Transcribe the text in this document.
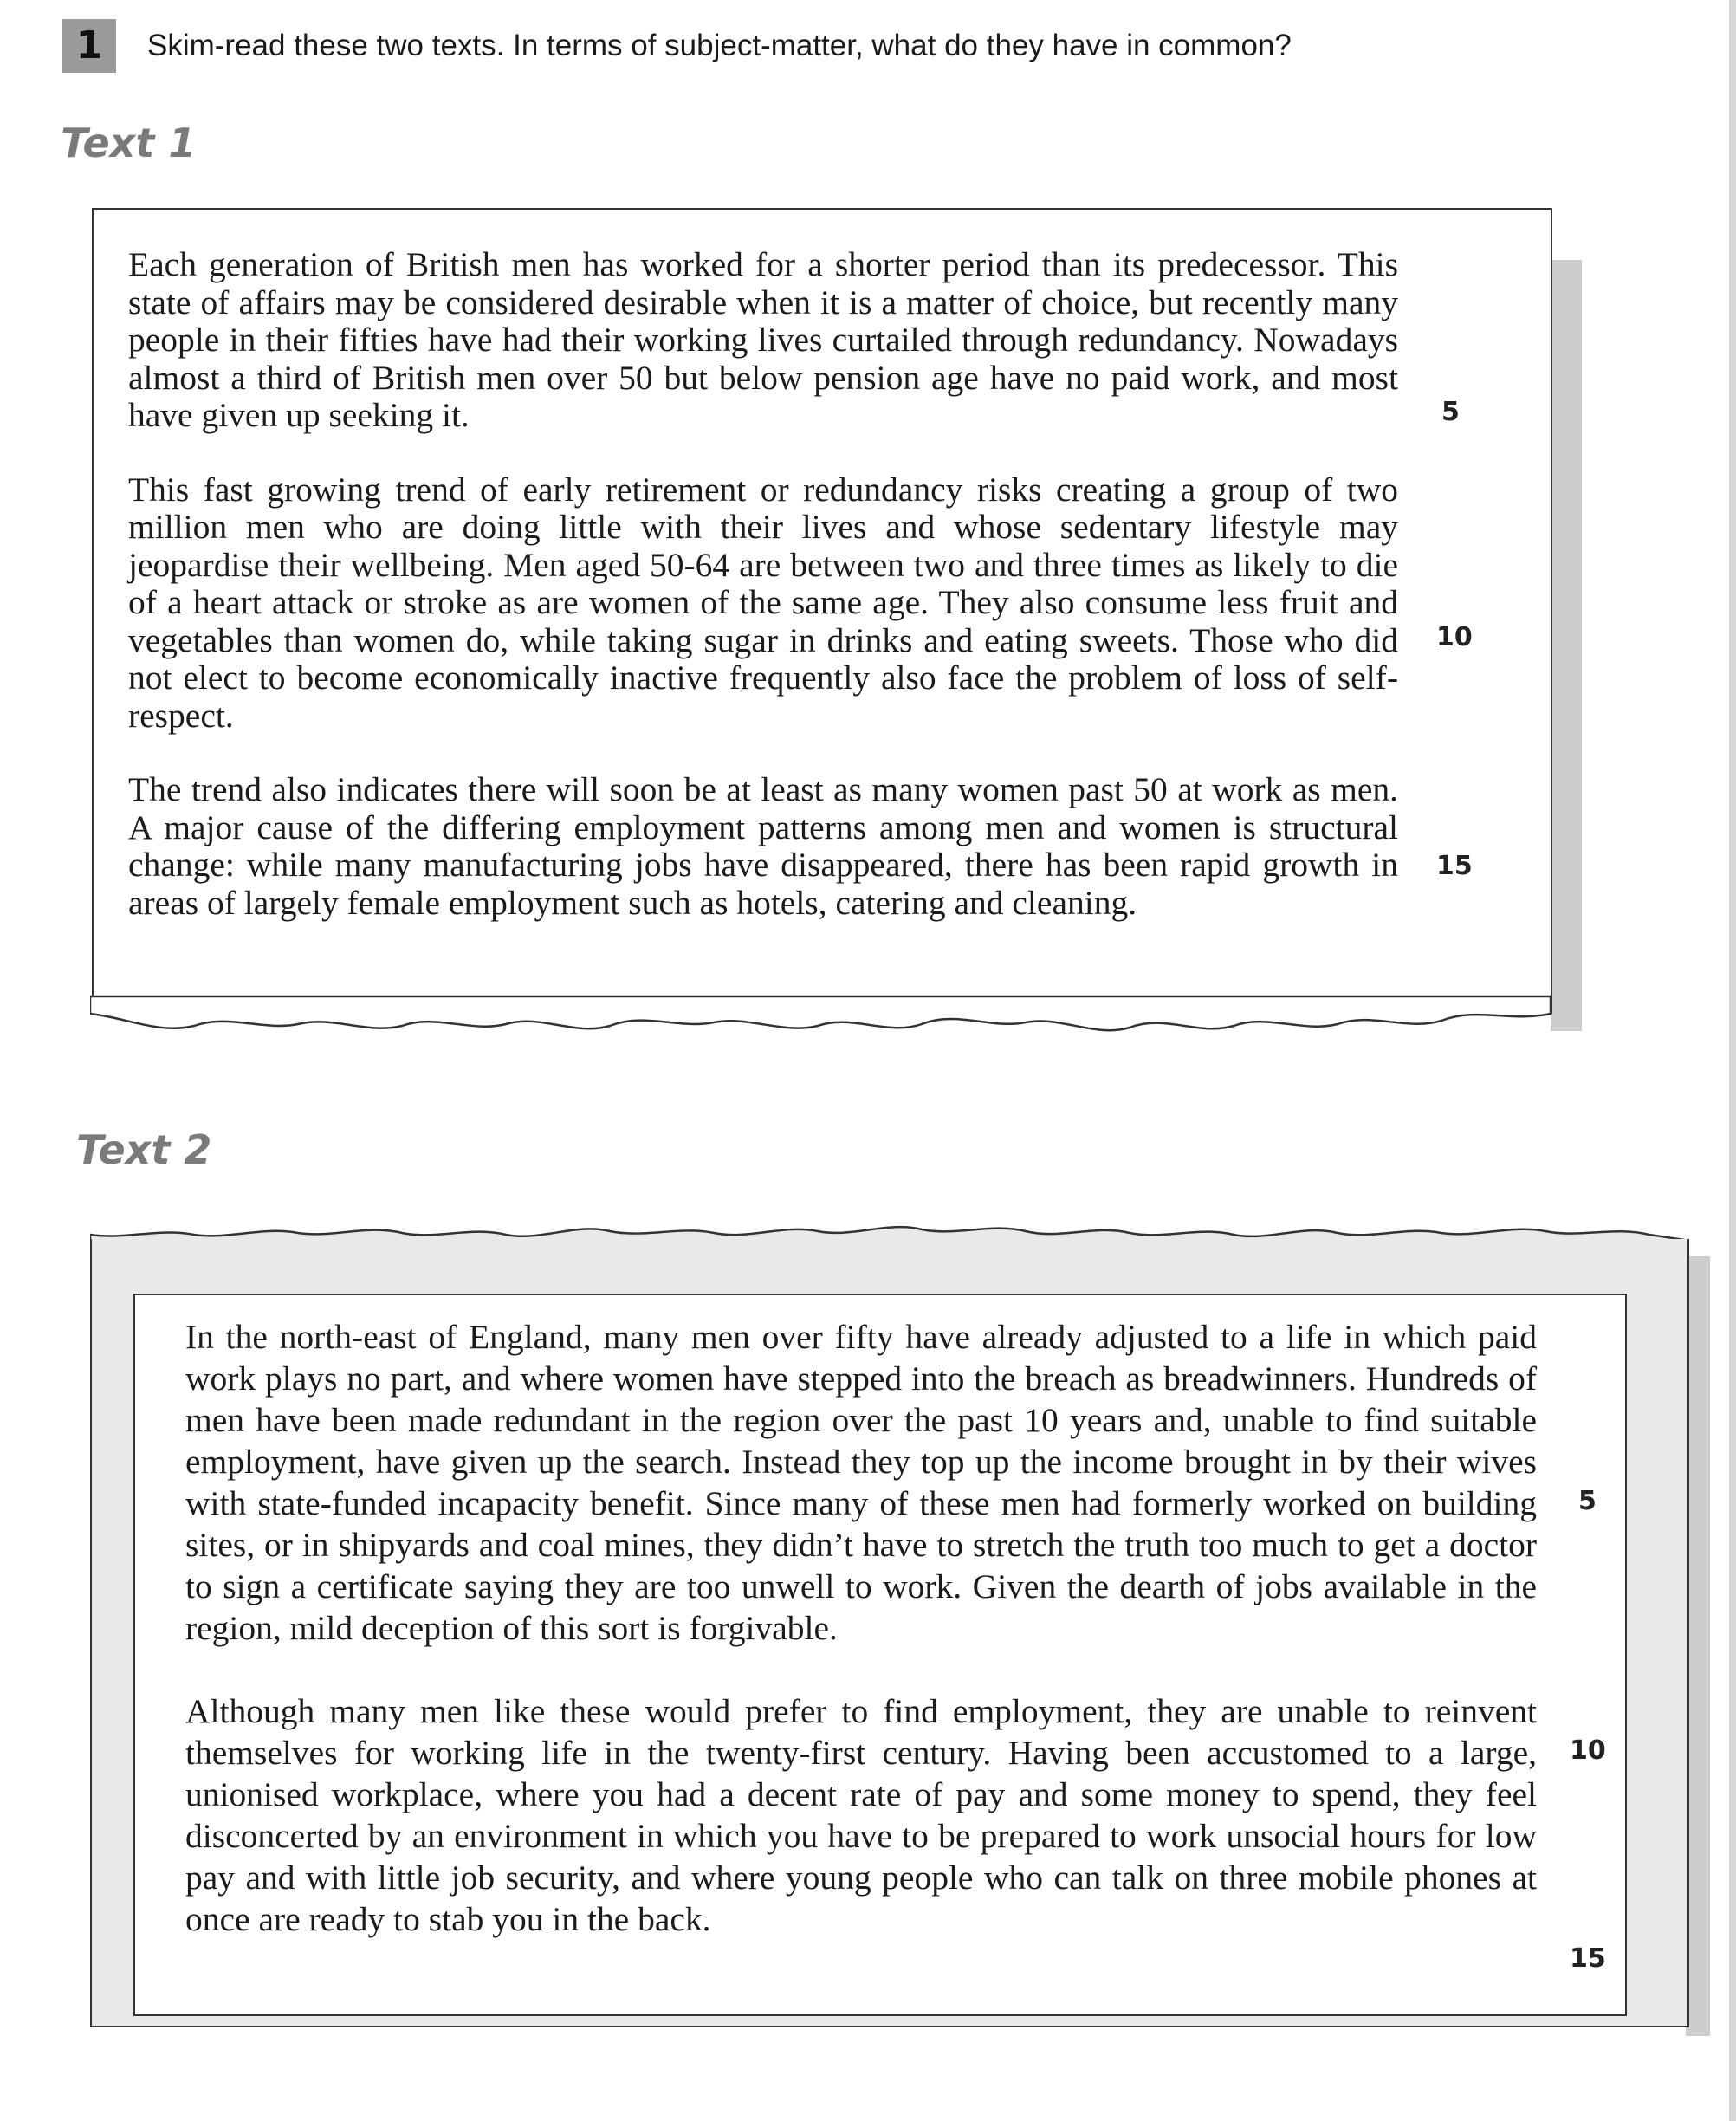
1	Skim-read these two texts. In terms of subject-matter, what do they have in common?
Text 1

Each generation of British men has worked for a shorter period than its predecessor. This state of affairs may be considered desirable when it is a matter of choice, but recently many people in their fifties have had their working lives curtailed through redundancy. Nowadays almost a third of British men over 50 but below pension age have no paid work, and most have given up seeking it.

This fast growing trend of early retirement or redundancy risks creating a group of two million men who are doing little with their lives and whose sedentary lifestyle may jeopardise their wellbeing. Men aged 50-64 are between two and three times as likely to die of a heart attack or stroke as are women of the same age. They also consume less fruit and vegetables than women do, while taking sugar in drinks and eating sweets. Those who did not elect to become economically inactive frequently also face the problem of loss of self-respect.

The trend also indicates there will soon be at least as many women past 50 at work as men. A major cause of the differing employment patterns among men and women is structural change: while many manufacturing jobs have disappeared, there has been rapid growth in areas of largely female employment such as hotels, catering and cleaning.

5
10
15
Text 2

In the north-east of England, many men over fifty have already adjusted to a life in which paid work plays no part, and where women have stepped into the breach as breadwinners. Hundreds of men have been made redundant in the region over the past 10 years and, unable to find suitable employment, have given up the search. Instead they top up the income brought in by their wives with state-funded incapacity benefit. Since many of these men had formerly worked on building sites, or in shipyards and coal mines, they didn’t have to stretch the truth too much to get a doctor to sign a certificate saying they are too unwell to work. Given the dearth of jobs available in the region, mild deception of this sort is forgivable.

Although many men like these would prefer to find employment, they are unable to reinvent themselves for working life in the twenty-first century. Having been accustomed to a large, unionised workplace, where you had a decent rate of pay and some money to spend, they feel disconcerted by an environment in which you have to be prepared to work unsocial hours for low pay and with little job security, and where young people who can talk on three mobile phones at once are ready to stab you in the back.

5
10
15
